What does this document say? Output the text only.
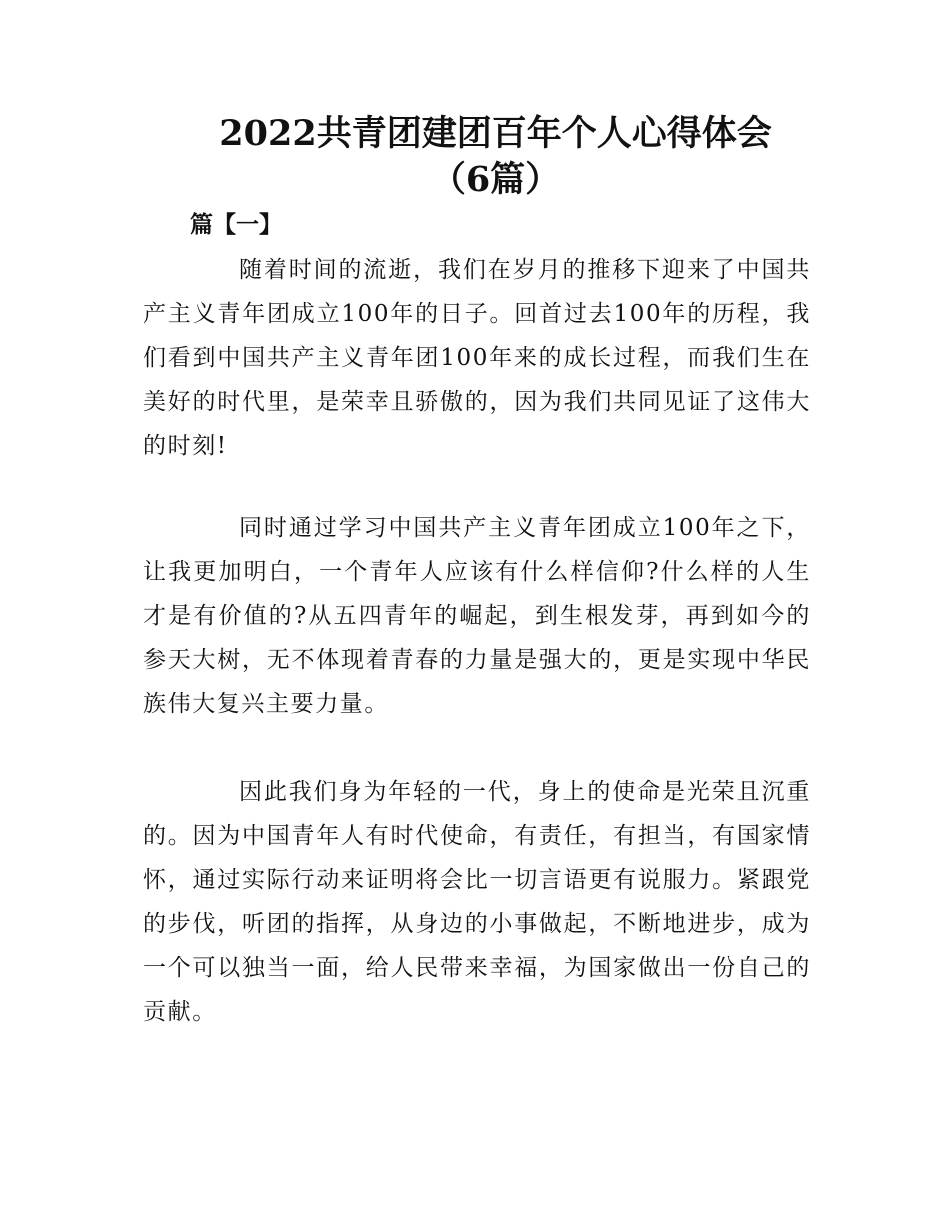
2022共青团建团百年个人心得体会
（6篇）

篇【一】

随着时间的流逝，我们在岁月的推移下迎来了中国共产主义青年团成立100年的日子。回首过去100年的历程，我们看到中国共产主义青年团100年来的成长过程，而我们生在美好的时代里，是荣幸且骄傲的，因为我们共同见证了这伟大的时刻!

同时通过学习中国共产主义青年团成立100年之下，让我更加明白，一个青年人应该有什么样信仰?什么样的人生才是有价值的?从五四青年的崛起，到生根发芽，再到如今的参天大树，无不体现着青春的力量是强大的，更是实现中华民族伟大复兴主要力量。

因此我们身为年轻的一代，身上的使命是光荣且沉重的。因为中国青年人有时代使命，有责任，有担当，有国家情怀，通过实际行动来证明将会比一切言语更有说服力。紧跟党的步伐，听团的指挥，从身边的小事做起，不断地进步，成为一个可以独当一面，给人民带来幸福，为国家做出一份自己的贡献。
